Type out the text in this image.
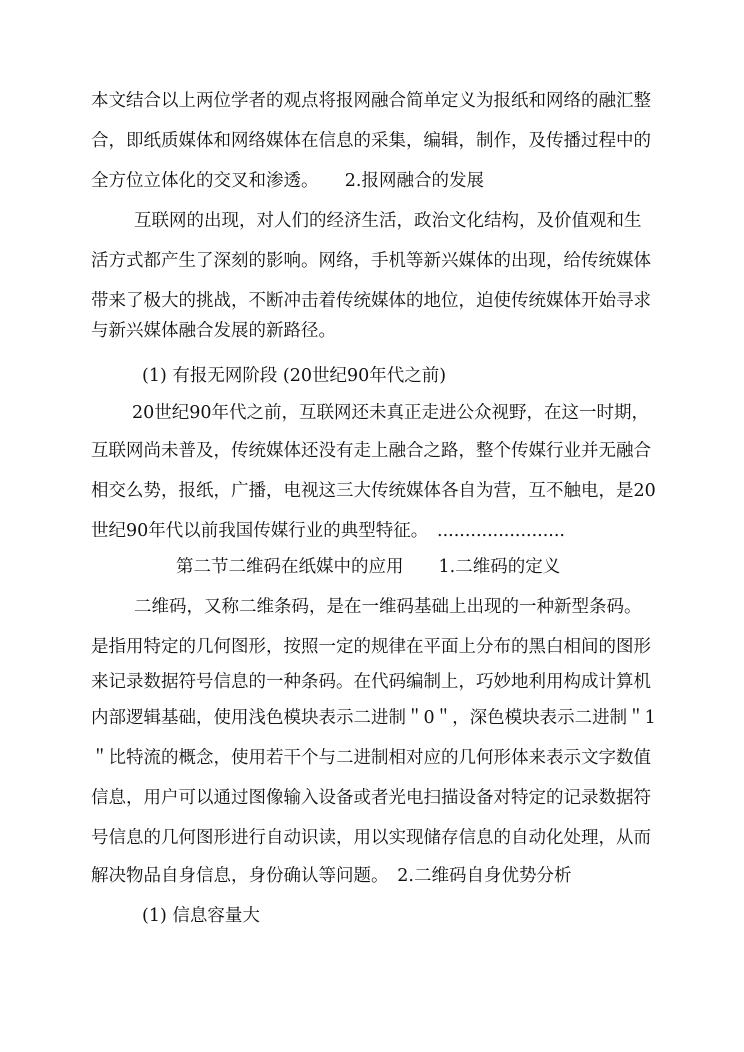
本文结合以上两位学者的观点将报网融合简单定义为报纸和网络的融汇整
合，即纸质媒体和网络媒体在信息的采集，编辑，制作，及传播过程中的
全方位立体化的交叉和渗透。　　2.报网融合的发展
互联网的出现，对人们的经济生活，政治文化结构，及价值观和生
活方式都产生了深刻的影响。网络，手机等新兴媒体的出现，给传统媒体
带来了极大的挑战，不断冲击着传统媒体的地位，迫使传统媒体开始寻求
与新兴媒体融合发展的新路径。
(1) 有报无网阶段 (20世纪90年代之前)
20世纪90年代之前，互联网还未真正走进公众视野，在这一时期，
互联网尚未普及，传统媒体还没有走上融合之路，整个传媒行业并无融合
相交么势，报纸，广播，电视这三大传统媒体各自为营，互不触电，是20
世纪90年代以前我国传媒行业的典型特征。　.......................
第二节二维码在纸媒中的应用　　1.二维码的定义
二维码，又称二维条码，是在一维码基础上出现的一种新型条码。
是指用特定的几何图形，按照一定的规律在平面上分布的黑白相间的图形
来记录数据符号信息的一种条码。在代码编制上，巧妙地利用构成计算机
内部逻辑基础，使用浅色模块表示二进制＂0＂，深色模块表示二进制＂1
＂比特流的概念，使用若干个与二进制相对应的几何形体来表示文字数值
信息，用户可以通过图像输入设备或者光电扫描设备对特定的记录数据符
号信息的几何图形进行自动识读，用以实现储存信息的自动化处理，从而
解决物品自身信息，身份确认等问题。　2.二维码自身优势分析
(1) 信息容量大
